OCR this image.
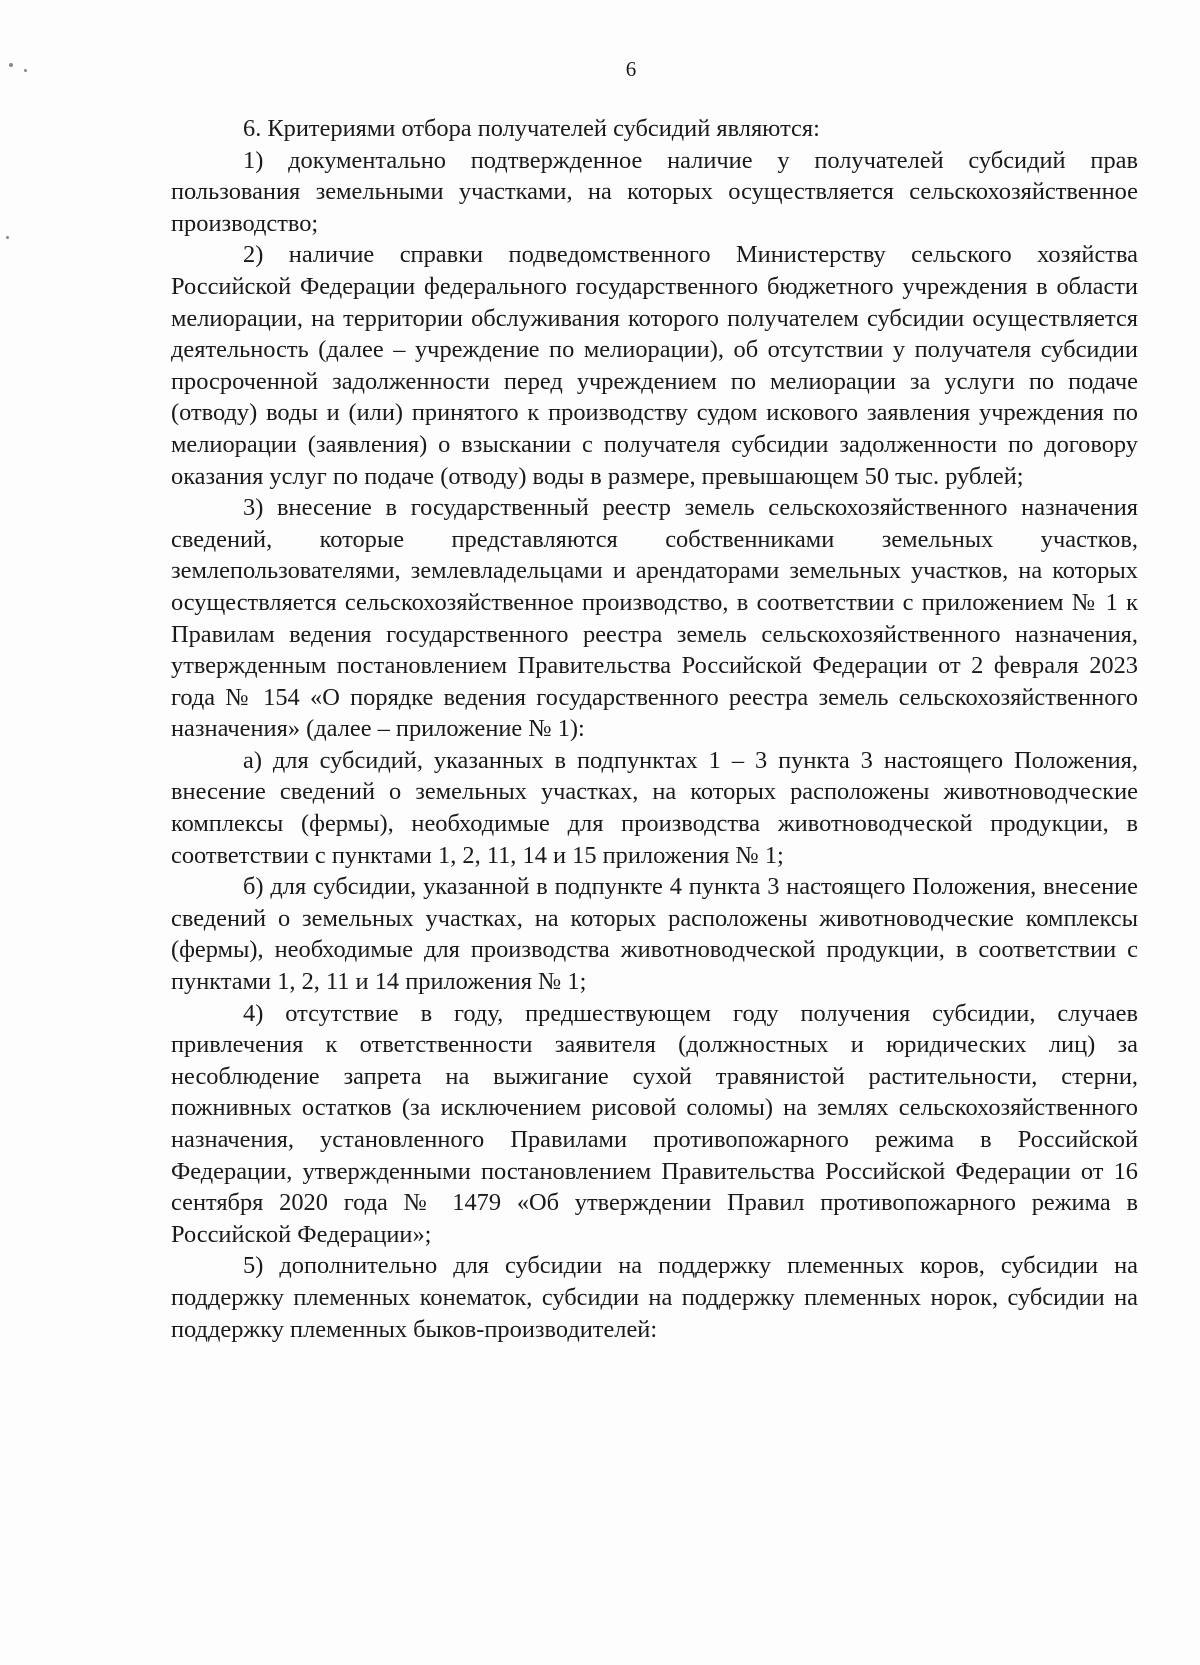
6

6. Критериями отбора получателей субсидий являются:

1) документально подтвержденное наличие у получателей субсидий прав пользования земельными участками, на которых осуществляется сельскохозяйственное производство;

2) наличие справки подведомственного Министерству сельского хозяйства Российской Федерации федерального государственного бюджетного учреждения в области мелиорации, на территории обслуживания которого получателем субсидии осуществляется деятельность (далее – учреждение по мелиорации), об отсутствии у получателя субсидии просроченной задолженности перед учреждением по мелиорации за услуги по подаче (отводу) воды и (или) принятого к производству судом искового заявления учреждения по мелиорации (заявления) о взыскании с получателя субсидии задолженности по договору оказания услуг по подаче (отводу) воды в размере, превышающем 50 тыс. рублей;

3) внесение в государственный реестр земель сельскохозяйственного назначения сведений, которые представляются собственниками земельных участков, землепользователями, землевладельцами и арендаторами земельных участков, на которых осуществляется сельскохозяйственное производство, в соответствии с приложением № 1 к Правилам ведения государственного реестра земель сельскохозяйственного назначения, утвержденным постановлением Правительства Российской Федерации от 2 февраля 2023 года № 154 «О порядке ведения государственного реестра земель сельскохозяйственного назначения» (далее – приложение № 1):

а) для субсидий, указанных в подпунктах 1 – 3 пункта 3 настоящего Положения, внесение сведений о земельных участках, на которых расположены животноводческие комплексы (фермы), необходимые для производства животноводческой продукции, в соответствии с пунктами 1, 2, 11, 14 и 15 приложения № 1;

б) для субсидии, указанной в подпункте 4 пункта 3 настоящего Положения, внесение сведений о земельных участках, на которых расположены животноводческие комплексы (фермы), необходимые для производства животноводческой продукции, в соответствии с пунктами 1, 2, 11 и 14 приложения № 1;

4) отсутствие в году, предшествующем году получения субсидии, случаев привлечения к ответственности заявителя (должностных и юридических лиц) за несоблюдение запрета на выжигание сухой травянистой растительности, стерни, пожнивных остатков (за исключением рисовой соломы) на землях сельскохозяйственного назначения, установленного Правилами противопожарного режима в Российской Федерации, утвержденными постановлением Правительства Российской Федерации от 16 сентября 2020 года № 1479 «Об утверждении Правил противопожарного режима в Российской Федерации»;

5) дополнительно для субсидии на поддержку племенных коров, субсидии на поддержку племенных конематок, субсидии на поддержку племенных норок, субсидии на поддержку племенных быков-производителей:
